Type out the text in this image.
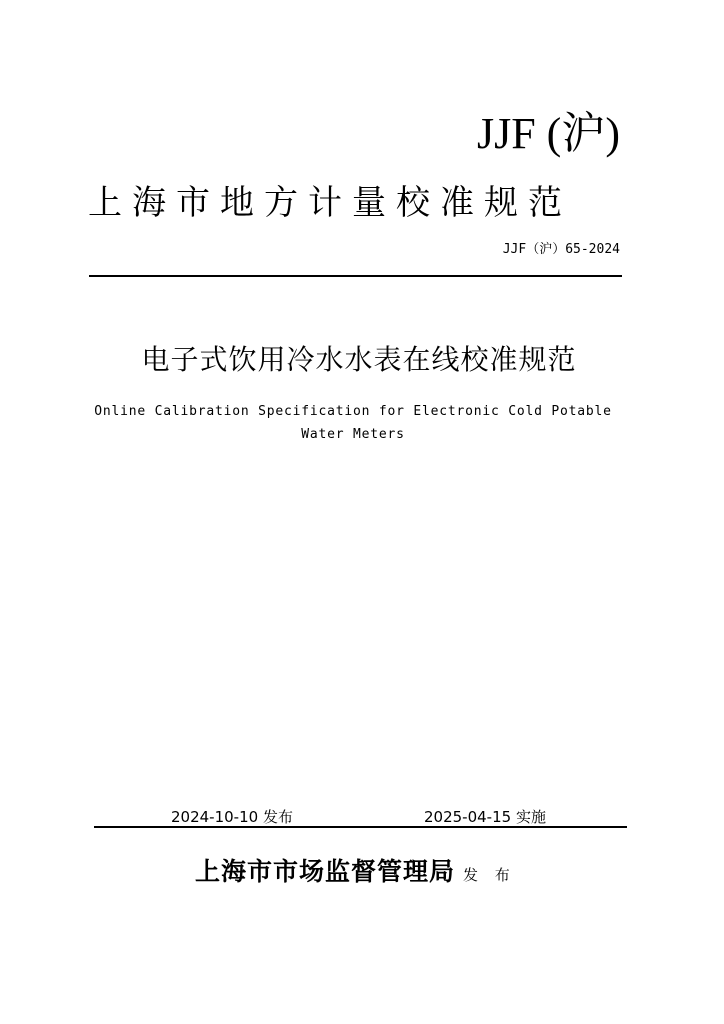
JJF (沪)
上海市地方计量校准规范
JJF（沪）65-2024
电子式饮用冷水水表在线校准规范
Online Calibration Specification for Electronic Cold Potable Water Meters
2024-10-10 发布	2025-04-15 实施
上海市市场监督管理局 发 布
